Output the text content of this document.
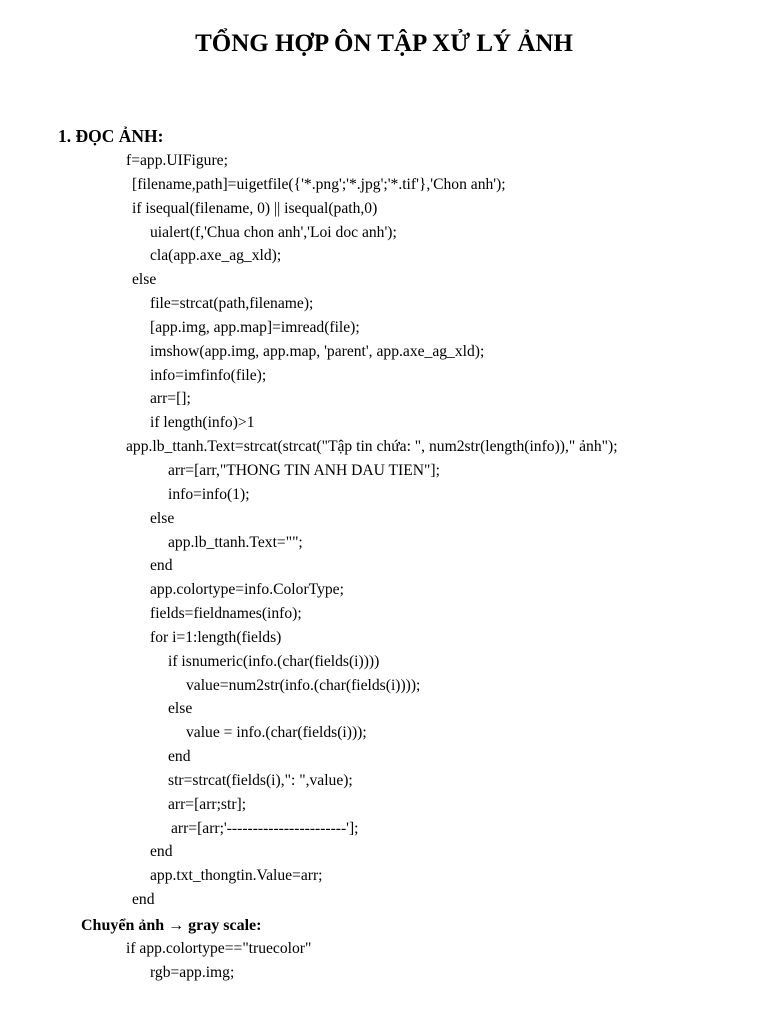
TỔNG HỢP ÔN TẬP XỬ LÝ ẢNH
1. ĐỌC ẢNH:
f=app.UIFigure;
[filename,path]=uigetfile({'*.png';'*.jpg';'*.tif'},'Chon anh');
if isequal(filename, 0) || isequal(path,0)
uialert(f,'Chua chon anh','Loi doc anh');
cla(app.axe_ag_xld);
else
file=strcat(path,filename);
[app.img, app.map]=imread(file);
imshow(app.img, app.map, 'parent', app.axe_ag_xld);
info=imfinfo(file);
arr=[];
if length(info)>1
app.lb_ttanh.Text=strcat(strcat("Tập tin chứa: ", num2str(length(info))," ảnh");
arr=[arr,"THONG TIN ANH DAU TIEN"];
info=info(1);
else
app.lb_ttanh.Text="";
end
app.colortype=info.ColorType;
fields=fieldnames(info);
for i=1:length(fields)
if isnumeric(info.(char(fields(i))))
value=num2str(info.(char(fields(i))));
else
value = info.(char(fields(i)));
end
str=strcat(fields(i),": ",value);
arr=[arr;str];
arr=[arr;'-----------------------'];
end
app.txt_thongtin.Value=arr;
end
Chuyển ảnh → gray scale:
if app.colortype=="truecolor"
rgb=app.img;
